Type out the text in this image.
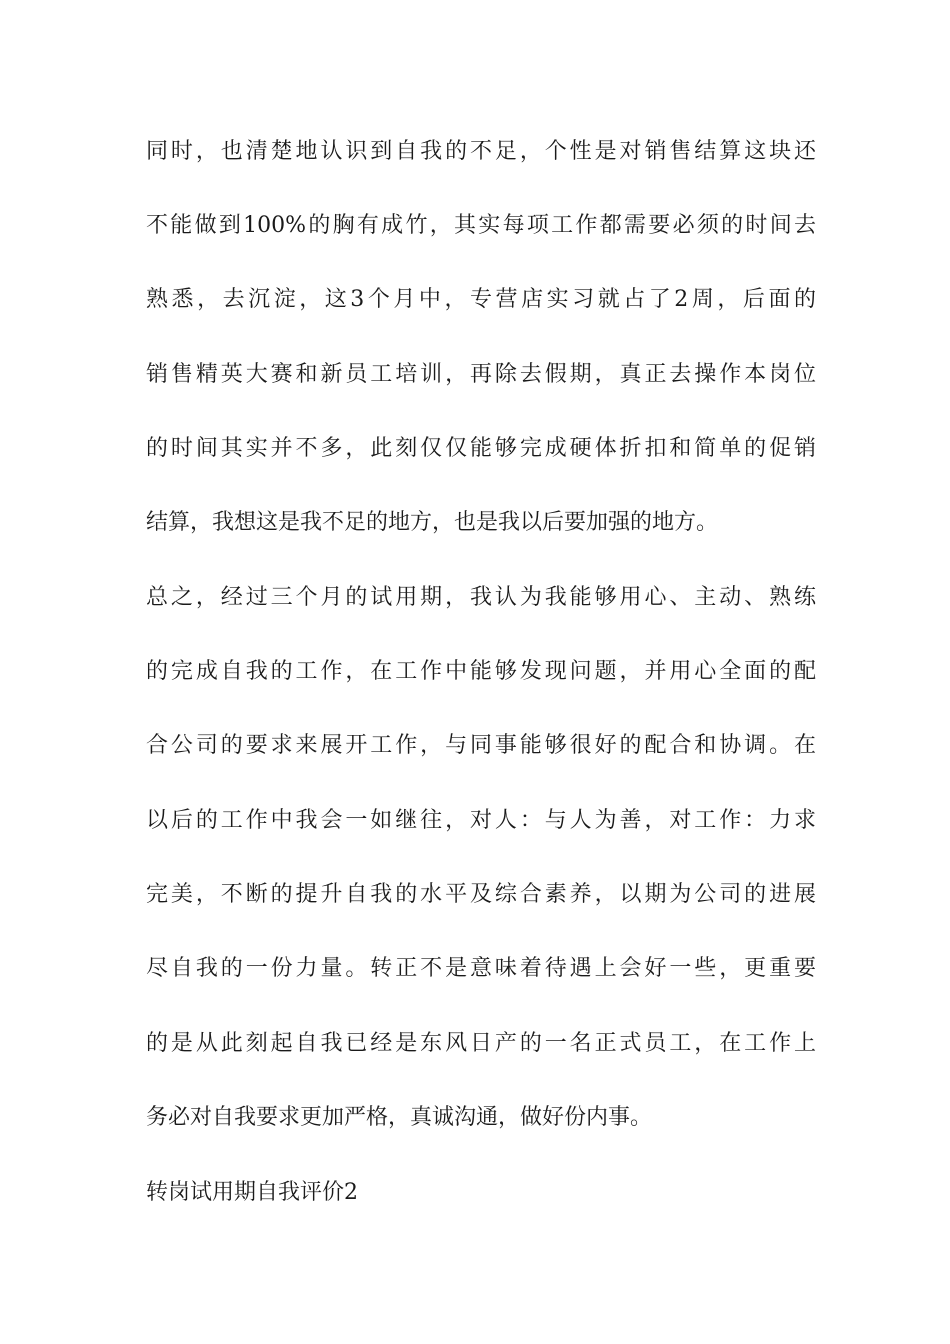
同时，也清楚地认识到自我的不足，个性是对销售结算这块还
不能做到100%的胸有成竹，其实每项工作都需要必须的时间去
熟悉，去沉淀，这3个月中，专营店实习就占了2周，后面的
销售精英大赛和新员工培训，再除去假期，真正去操作本岗位
的时间其实并不多，此刻仅仅能够完成硬体折扣和简单的促销
结算，我想这是我不足的地方，也是我以后要加强的地方。
总之，经过三个月的试用期，我认为我能够用心、主动、熟练
的完成自我的工作，在工作中能够发现问题，并用心全面的配
合公司的要求来展开工作，与同事能够很好的配合和协调。在
以后的工作中我会一如继往，对人：与人为善，对工作：力求
完美，不断的提升自我的水平及综合素养，以期为公司的进展
尽自我的一份力量。转正不是意味着待遇上会好一些，更重要
的是从此刻起自我已经是东风日产的一名正式员工，在工作上
务必对自我要求更加严格，真诚沟通，做好份内事。
转岗试用期自我评价2
